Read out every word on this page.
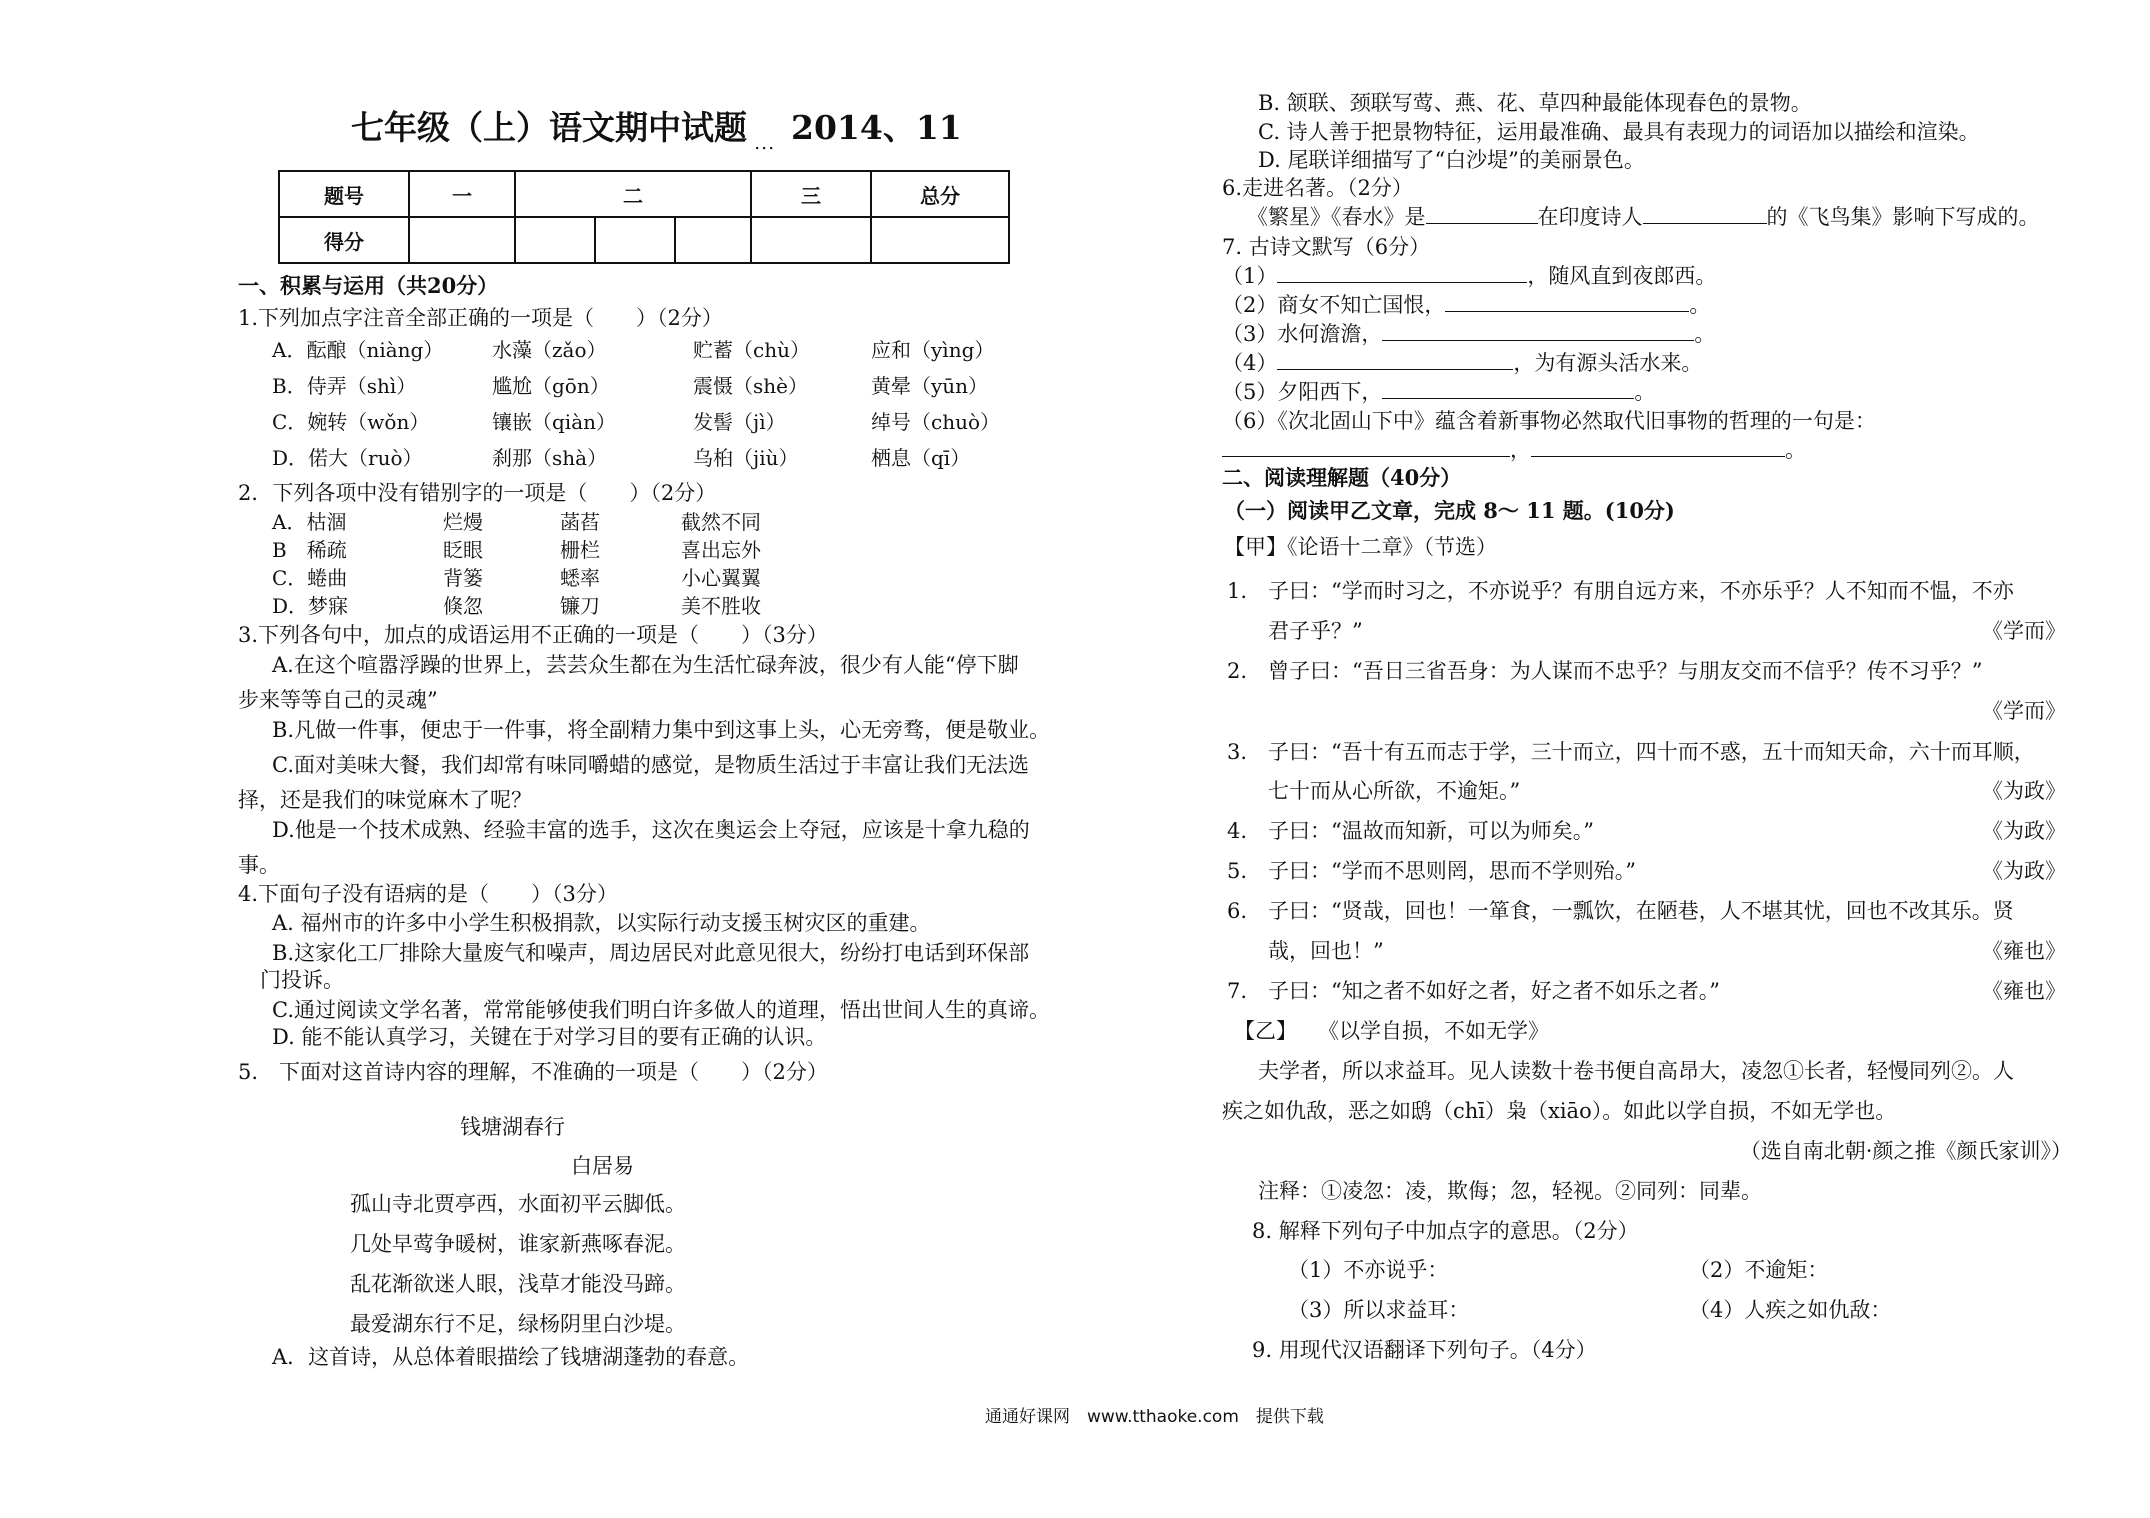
七年级（上）语文期中试题 $_{...}$ 2014、11
题号	一	二			三	总分
得分						
一、积累与运用（共20分）
1.下列加点字注音全部正确的一项是（　　）（2分）
A．酝酿（niàng） 水藻（zǎo）	贮蓄（chù）	应和（yìng）
B．侍弄（shì）	尴尬（gōn）	震慑（shè）	黄晕（yūn）
C．婉转（wǒn）	镶嵌（qiàn）	发髻（jì）	绰号（chuò）
D．偌大（ruò）	刹那（shà）	乌桕（jiù）	栖息（qī）
2．下列各项中没有错别字的一项是（　　）（2分）
A．枯涸	烂熳	菡萏	截然不同
B　稀疏	眨眼	栅栏	喜出忘外
C．蜷曲	背篓	蟋率	小心翼翼
D．梦寐	倏忽	镰刀	美不胜收
3.下列各句中，加点的成语运用不正确的一项是（　　）（3分）
A.在这个喧嚣浮躁的世界上，芸芸众生都在为生活忙碌奔波，很少有人能“停下脚
步来等等自己的灵魂”
B.凡做一件事，便忠于一件事，将全副精力集中到这事上头，心无旁骛，便是敬业。
C.面对美味大餐，我们却常有味同嚼蜡的感觉，是物质生活过于丰富让我们无法选
择，还是我们的味觉麻木了呢？
D.他是一个技术成熟、经验丰富的选手，这次在奥运会上夺冠，应该是十拿九稳的
事。
4.下面句子没有语病的是（　　）（3分）
A. 福州市的许多中小学生积极捐款，以实际行动支援玉树灾区的重建。
B.这家化工厂排除大量废气和噪声，周边居民对此意见很大，纷纷打电话到环保部
门投诉。
C.通过阅读文学名著，常常能够使我们明白许多做人的道理，悟出世间人生的真谛。
D. 能不能认真学习，关键在于对学习目的要有正确的认识。
5.　下面对这首诗内容的理解，不准确的一项是（　　）（2分）
钱塘湖春行
白居易
孤山寺北贾亭西，水面初平云脚低。
几处早莺争暖树，谁家新燕啄春泥。
乱花渐欲迷人眼，浅草才能没马蹄。
最爱湖东行不足，绿杨阴里白沙堤。
A．这首诗，从总体着眼描绘了钱塘湖蓬勃的春意。
B. 颔联、颈联写莺、燕、花、草四种最能体现春色的景物。
C. 诗人善于把景物特征，运用最准确、最具有表现力的词语加以描绘和渲染。
D. 尾联详细描写了“白沙堤”的美丽景色。
6.走进名著。（2分）
《繁星》《春水》是	在印度诗人	的《飞鸟集》影响下写成的。
7. 古诗文默写（6分）
（1）	，随风直到夜郎西。
（2）商女不知亡国恨，	。
（3）水何澹澹，	。
（4）	，为有源头活水来。
（5）夕阳西下，	。
（6）《次北固山下中》蕴含着新事物必然取代旧事物的哲理的一句是：
，	。
二、阅读理解题（40分）
（一）阅读甲乙文章，完成 8～ 11 题。(10分)
【甲】《论语十二章》（节选）
1. 子曰：“学而时习之，不亦说乎？有朋自远方来，不亦乐乎？人不知而不愠，不亦
君子乎？”	《学而》
2. 曾子曰：“吾日三省吾身：为人谋而不忠乎？与朋友交而不信乎？传不习乎？”
《学而》
3. 子曰：“吾十有五而志于学，三十而立，四十而不惑，五十而知天命，六十而耳顺，
七十而从心所欲，不逾矩。”	《为政》
4. 子曰：“温故而知新，可以为师矣。”	《为政》
5. 子曰：“学而不思则罔，思而不学则殆。”	《为政》
6. 子曰：“贤哉，回也！一箪食，一瓢饮，在陋巷，人不堪其忧，回也不改其乐。贤
哉，回也！”	《雍也》
7. 子曰：“知之者不如好之者，好之者不如乐之者。”	《雍也》
【乙】　　《以学自损，不如无学》
夫学者，所以求益耳。见人读数十卷书便自高昂大，凌忽①长者，轻慢同列②。人
疾之如仇敌，恶之如鸱（chī）枭（xiāo）。如此以学自损，不如无学也。
（选自南北朝·颜之推《颜氏家训》）
注释：①凌忽：凌，欺侮；忽，轻视。②同列：同辈。
8. 解释下列句子中加点字的意思。（2分）
（1）不亦说乎：	（2）不逾矩：
（3）所以求益耳：	（4）人疾之如仇敌：
9. 用现代汉语翻译下列句子。（4分）
通通好课网　www.tthaoke.com　提供下载
